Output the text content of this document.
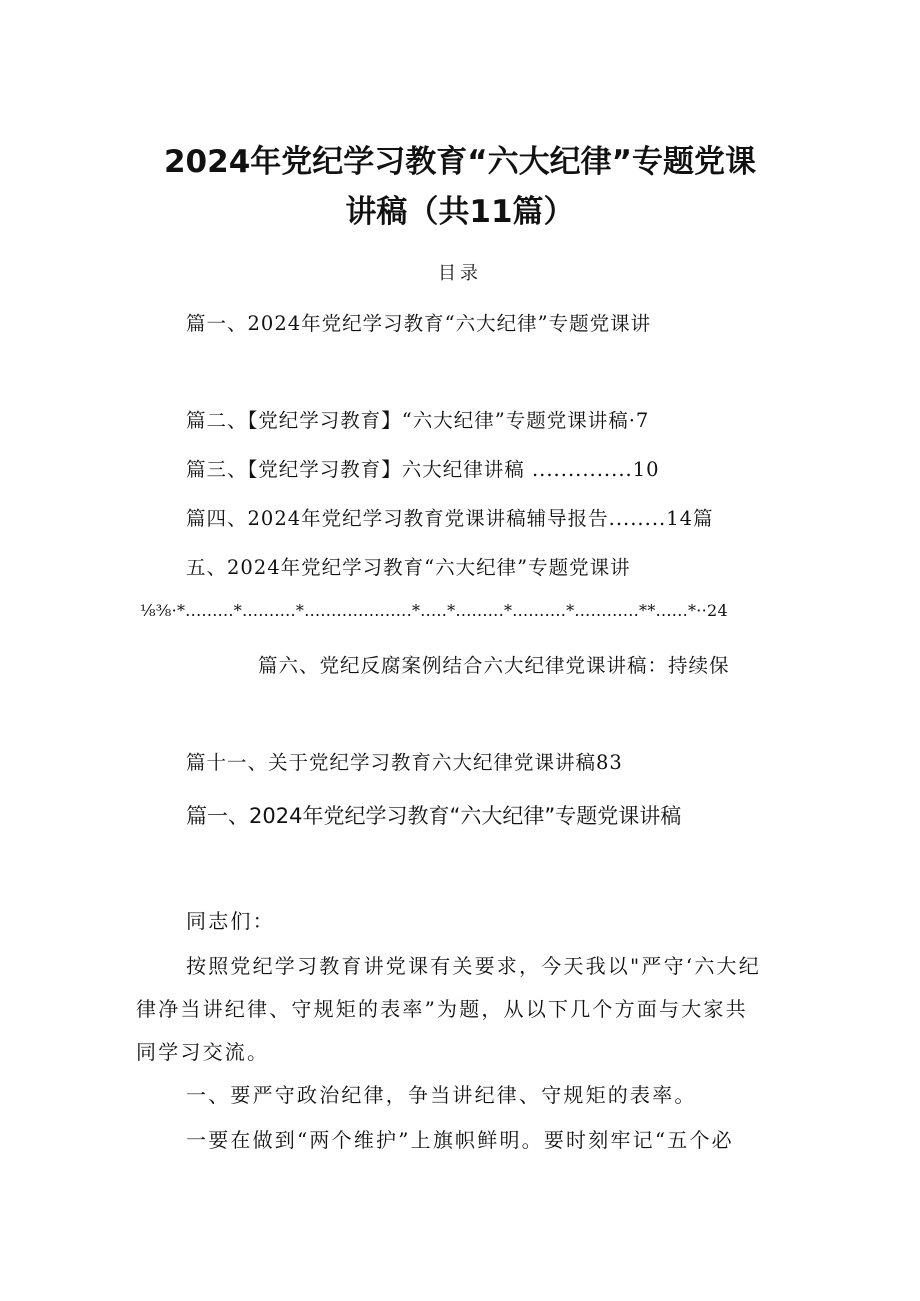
2024年党纪学习教育“六大纪律”专题党课
讲稿（共11篇）
目录
篇一、2024年党纪学习教育“六大纪律”专题党课讲
篇二、【党纪学习教育】“六大纪律”专题党课讲稿·7
篇三、【党纪学习教育】六大纪律讲稿 ..............10
篇四、2024年党纪学习教育党课讲稿辅导报告........14篇
五、2024年党纪学习教育“六大纪律”专题党课讲
⅛⅜·*.........*..........*....................*.....*.........*..........*............**......*··24
篇六、党纪反腐案例结合六大纪律党课讲稿：持续保
篇十一、关于党纪学习教育六大纪律党课讲稿83
篇一、2024年党纪学习教育“六大纪律”专题党课讲稿

同志们：

按照党纪学习教育讲党课有关要求，今天我以"严守‘六大纪

律净当讲纪律、守规矩的表率”为题，从以下几个方面与大家共

同学习交流。

一、要严守政治纪律，争当讲纪律、守规矩的表率。

一要在做到“两个维护”上旗帜鲜明。要时刻牢记“五个必
